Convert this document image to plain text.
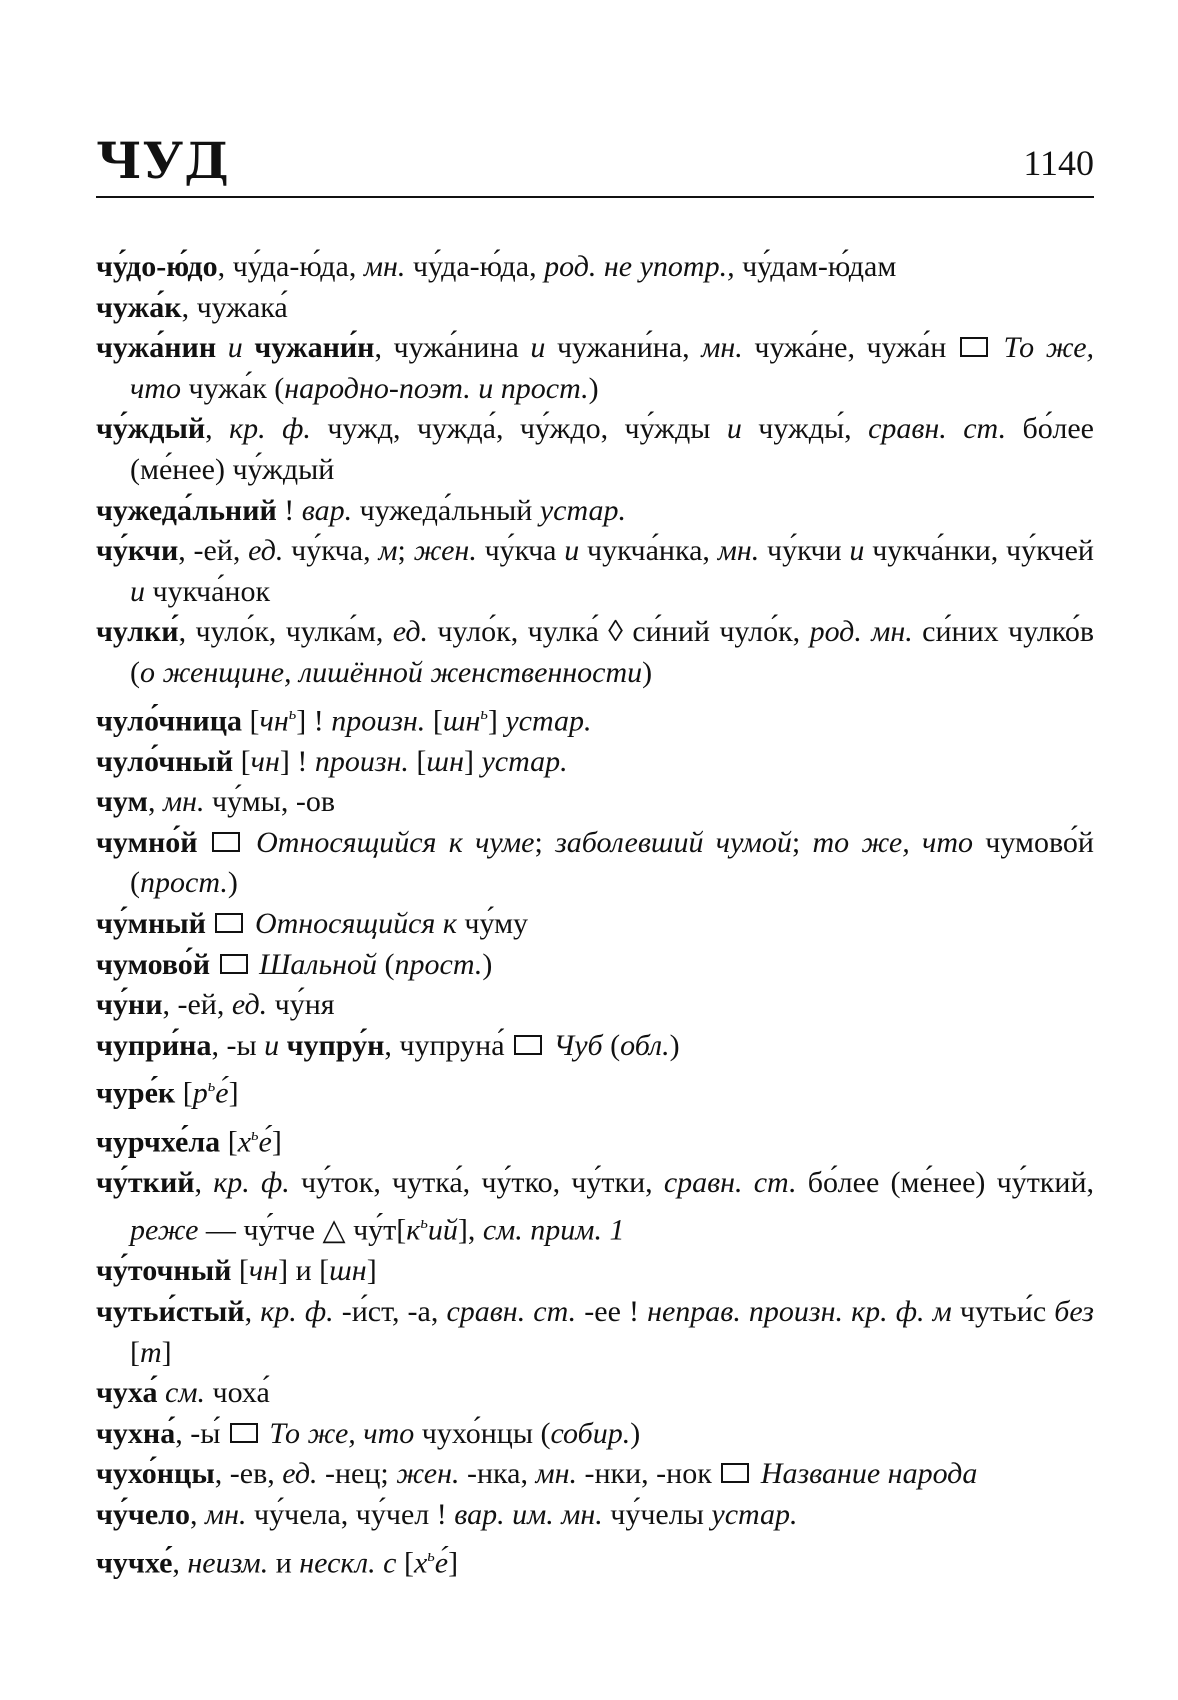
ЧУД	1140
чу́до-ю́до, чу́да-ю́да, мн. чу́да-ю́да, род. не употр., чу́дам-ю́дам
чужа́к, чужака́
чужа́нин и чужани́н, чужа́нина и чужани́на, мн. чужа́не, чужа́н  То же, что чужа́к (народно-поэт. и прост.)
чу́ждый, кр. ф. чужд, чужда́, чу́ждо, чу́жды и чужды́, сравн. ст. бо́лее (ме́нее) чу́ждый
чужеда́льний ! вар. чужеда́льный устар.
чу́кчи, -ей, ед. чу́кча, м; жен. чу́кча и чукча́нка, мн. чу́кчи и чукча́нки, чу́кчей и чукча́нок
чулки́, чуло́к, чулка́м, ед. чуло́к, чулка́ ◊ си́ний чуло́к, род. мн. си́них чулко́в (о женщине, лишённой женственности)
чуло́чница $[чн^ь]$ ! произн. $[шн^ь]$ устар.
чуло́чный [чн] ! произн. [шн] устар.
чум, мн. чу́мы, -ов
чумно́й  Относящийся к чуме; заболевший чумой; то же, что чумово́й (прост.)
чу́мный  Относящийся к чу́му
чумово́й  Шальной (прост.)
чу́ни, -ей, ед. чу́ня
чупри́на, -ы и чупру́н, чупруна́  Чуб (обл.)
чуре́к $[р^ье́]$
чурчхе́ла $[х^ье́]$
чу́ткий, кр. ф. чу́ток, чутка́, чу́тко, чу́тки, сравн. ст. бо́лее (ме́нее) чу́ткий, реже — чу́тче △ $чу́т[к^ьий]$, см. прим. 1
чу́точный [чн] и [шн]
чутьи́стый, кр. ф. -и́ст, -а, сравн. ст. -ее ! неправ. произн. кр. ф. м чутьи́с без [т]
чуха́ см. чоха́
чухна́, -ы́  То же, что чухо́нцы (собир.)
чухо́нцы, -ев, ед. -нец; жен. -нка, мн. -нки, -нок  Название народа
чу́чело, мн. чу́чела, чу́чел ! вар. им. мн. чу́челы устар.
чучхе́, неизм. и нескл. с $[х^ье́]$
